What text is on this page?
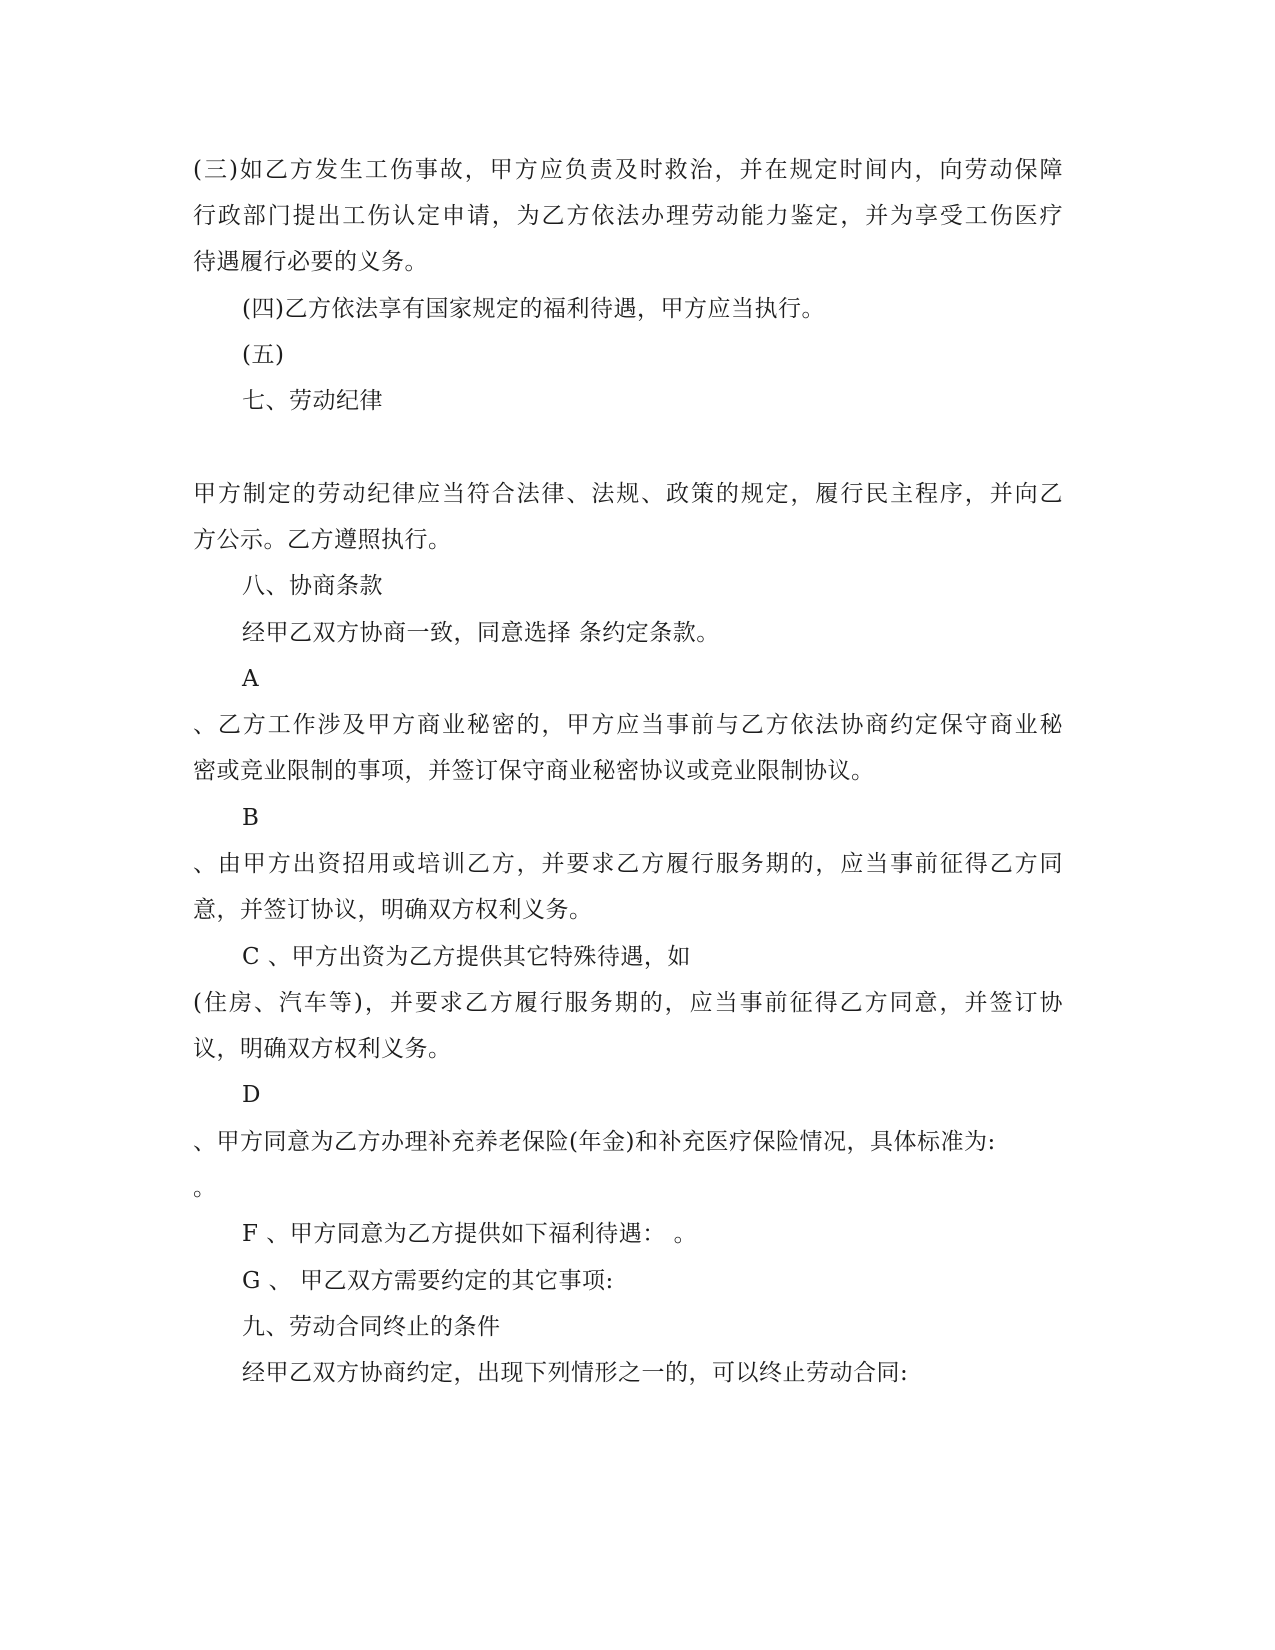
(三)如乙方发生工伤事故，甲方应负责及时救治，并在规定时间内，向劳动保障
行政部门提出工伤认定申请，为乙方依法办理劳动能力鉴定，并为享受工伤医疗
待遇履行必要的义务。
(四)乙方依法享有国家规定的福利待遇，甲方应当执行。
(五)
七、劳动纪律
甲方制定的劳动纪律应当符合法律、法规、政策的规定，履行民主程序，并向乙
方公示。乙方遵照执行。
八、协商条款
经甲乙双方协商一致，同意选择 条约定条款。
A
、乙方工作涉及甲方商业秘密的，甲方应当事前与乙方依法协商约定保守商业秘
密或竞业限制的事项，并签订保守商业秘密协议或竞业限制协议。
B
、由甲方出资招用或培训乙方，并要求乙方履行服务期的，应当事前征得乙方同
意，并签订协议，明确双方权利义务。
C 、甲方出资为乙方提供其它特殊待遇，如
(住房、汽车等)，并要求乙方履行服务期的，应当事前征得乙方同意，并签订协
议，明确双方权利义务。
D
、甲方同意为乙方办理补充养老保险(年金)和补充医疗保险情况，具体标准为:
。
F 、甲方同意为乙方提供如下福利待遇： 。
G 、 甲乙双方需要约定的其它事项:
九、劳动合同终止的条件
经甲乙双方协商约定，出现下列情形之一的，可以终止劳动合同:
